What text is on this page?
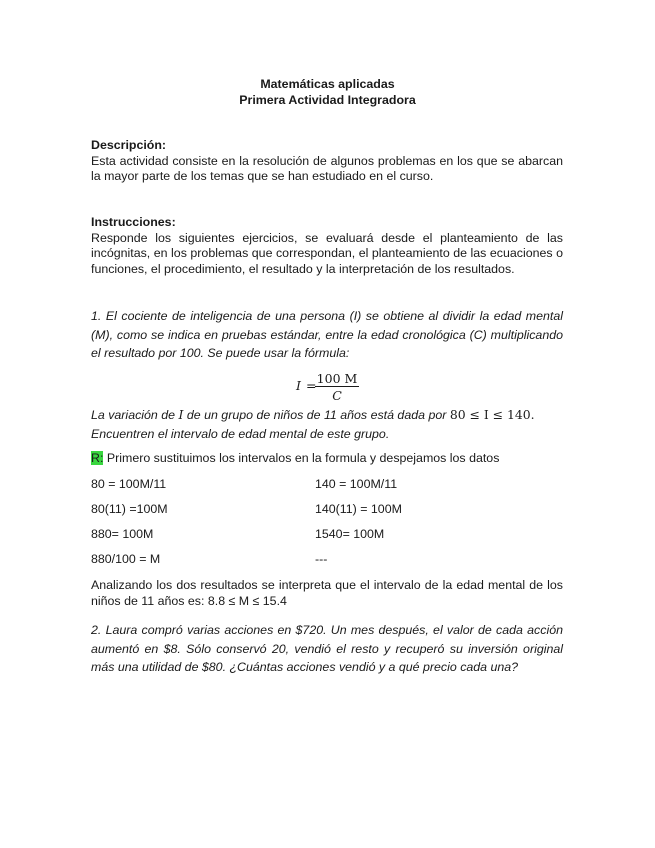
Matemáticas aplicadas
Primera Actividad Integradora
Descripción:
Esta actividad consiste en la resolución de algunos problemas en los que se abarcan la mayor parte de los temas que se han estudiado en el curso.
Instrucciones:
Responde los siguientes ejercicios, se evaluará desde el planteamiento de las incógnitas, en los problemas que correspondan, el planteamiento de las ecuaciones o funciones, el procedimiento, el resultado y la interpretación de los resultados.
1. El cociente de inteligencia de una persona (I) se obtiene al dividir la edad mental (M), como se indica en pruebas estándar, entre la edad cronológica (C) multiplicando el resultado por 100. Se puede usar la fórmula:
I = 100 M
C
La variación de I de un grupo de niños de 11 años está dada por 80 ≤ I ≤ 140.
Encuentren el intervalo de edad mental de este grupo.
R: Primero sustituimos los intervalos en la formula y despejamos los datos
80 = 100M/11	140 = 100M/11
80(11) =100M	140(11) = 100M
880= 100M	1540= 100M
880/100 = M	---
Analizando los dos resultados se interpreta que el intervalo de la edad mental de los niños de 11 años es: 8.8 ≤ M ≤ 15.4
2. Laura compró varias acciones en $720. Un mes después, el valor de cada acción aumentó en $8. Sólo conservó 20, vendió el resto y recuperó su inversión original más una utilidad de $80. ¿Cuántas acciones vendió y a qué precio cada una?
